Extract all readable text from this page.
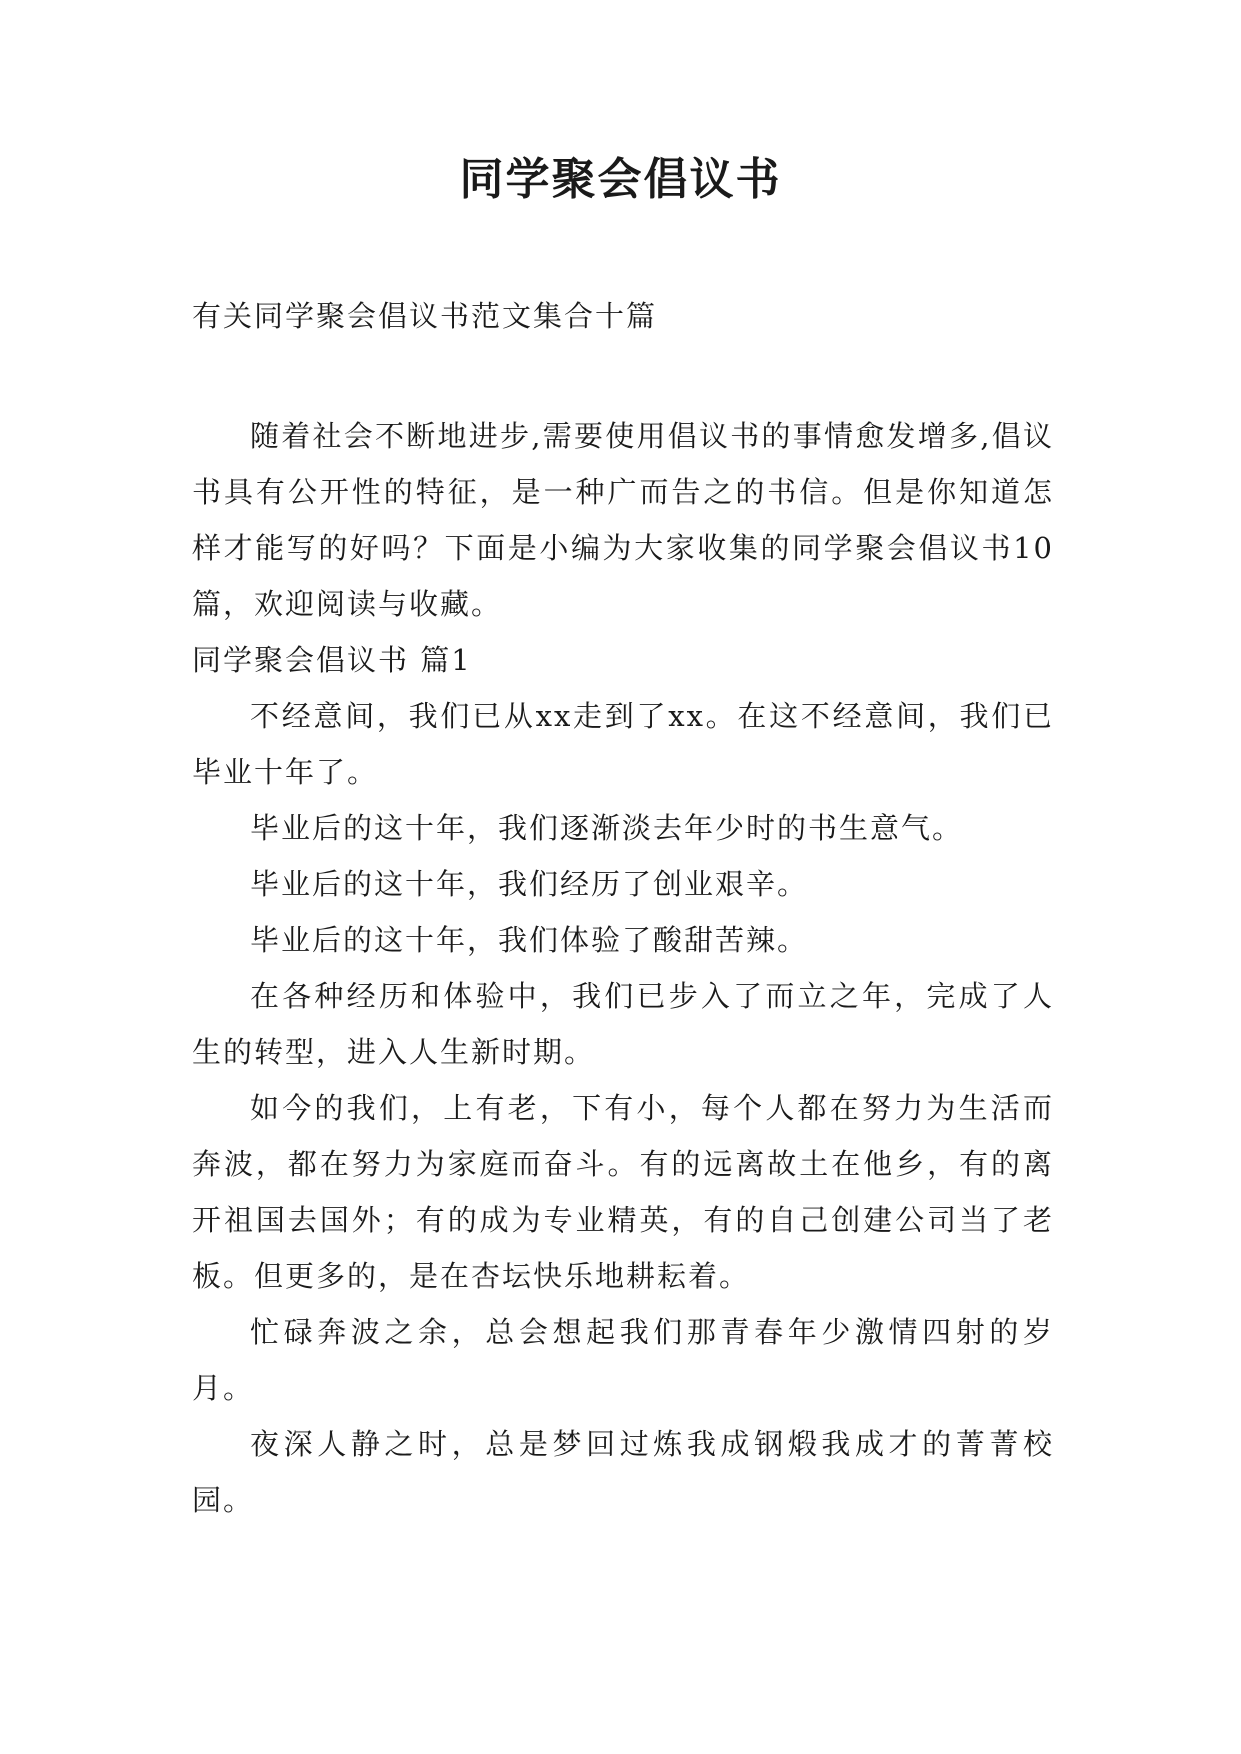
同学聚会倡议书
有关同学聚会倡议书范文集合十篇

随着社会不断地进步,需要使用倡议书的事情愈发增多,倡议书具有公开性的特征，是一种广而告之的书信。但是你知道怎样才能写的好吗？下面是小编为大家收集的同学聚会倡议书10篇，欢迎阅读与收藏。

同学聚会倡议书 篇1

不经意间，我们已从xx走到了xx。在这不经意间，我们已毕业十年了。

毕业后的这十年，我们逐渐淡去年少时的书生意气。

毕业后的这十年，我们经历了创业艰辛。

毕业后的这十年，我们体验了酸甜苦辣。

在各种经历和体验中，我们已步入了而立之年，完成了人生的转型，进入人生新时期。

如今的我们，上有老，下有小，每个人都在努力为生活而奔波，都在努力为家庭而奋斗。有的远离故土在他乡，有的离开祖国去国外；有的成为专业精英，有的自己创建公司当了老板。但更多的，是在杏坛快乐地耕耘着。

忙碌奔波之余，总会想起我们那青春年少激情四射的岁月。

夜深人静之时，总是梦回过炼我成钢煅我成才的菁菁校园。
